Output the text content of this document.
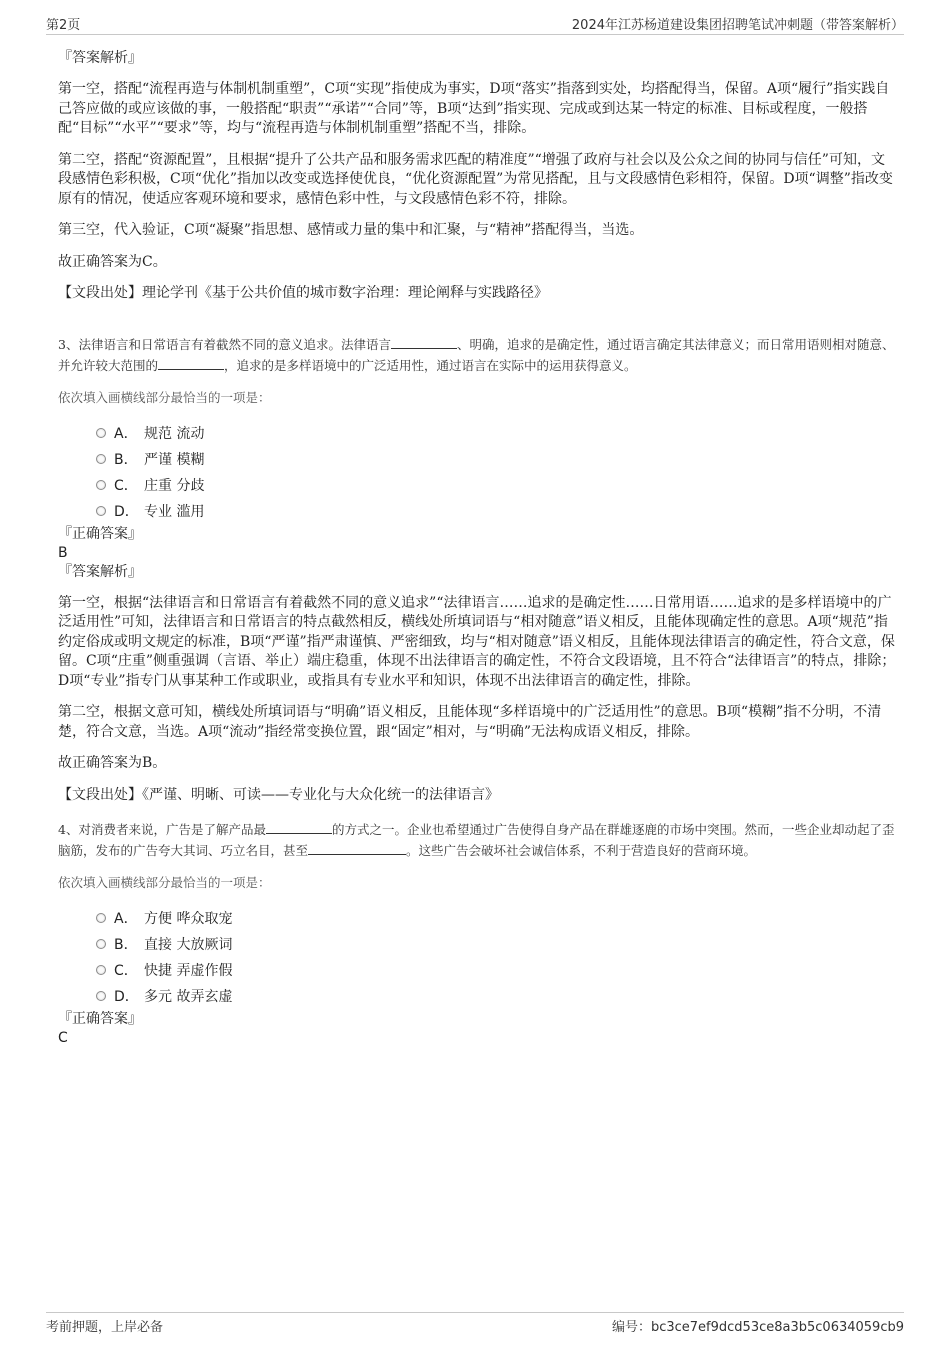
第2页	2024年江苏杨道建设集团招聘笔试冲刺题（带答案解析）

『答案解析』

第一空，搭配“流程再造与体制机制重塑”，C项“实现”指使成为事实，D项“落实”指落到实处，均搭配得当，保留。A项“履行”指实践自己答应做的或应该做的事，一般搭配“职责”“承诺”“合同”等，B项“达到”指实现、完成或到达某一特定的标准、目标或程度，一般搭配“目标”“水平”“要求”等，均与“流程再造与体制机制重塑”搭配不当，排除。

第二空，搭配“资源配置”，且根据“提升了公共产品和服务需求匹配的精准度”“增强了政府与社会以及公众之间的协同与信任”可知，文段感情色彩积极，C项“优化”指加以改变或选择使优良，“优化资源配置”为常见搭配，且与文段感情色彩相符，保留。D项“调整”指改变原有的情况，使适应客观环境和要求，感情色彩中性，与文段感情色彩不符，排除。

第三空，代入验证，C项“凝聚”指思想、感情或力量的集中和汇聚，与“精神”搭配得当，当选。

故正确答案为C。

【文段出处】理论学刊《基于公共价值的城市数字治理：理论阐释与实践路径》

3、法律语言和日常语言有着截然不同的意义追求。法律语言	、明确，追求的是确定性，通过语言确定其法律意义；而日常用语则相对随意、并允许较大范围的	，追求的是多样语境中的广泛适用性，通过语言在实际中的运用获得意义。

依次填入画横线部分最恰当的一项是：

A． 规范 流动
B． 严谨 模糊
C． 庄重 分歧
D． 专业 滥用

『正确答案』

B

『答案解析』

第一空，根据“法律语言和日常语言有着截然不同的意义追求”“法律语言……追求的是确定性……日常用语……追求的是多样语境中的广泛适用性”可知，法律语言和日常语言的特点截然相反，横线处所填词语与“相对随意”语义相反，且能体现确定性的意思。A项“规范”指约定俗成或明文规定的标准，B项“严谨”指严肃谨慎、严密细致，均与“相对随意”语义相反，且能体现法律语言的确定性，符合文意，保留。C项“庄重”侧重强调（言语、举止）端庄稳重，体现不出法律语言的确定性，不符合文段语境，且不符合“法律语言”的特点，排除；D项“专业”指专门从事某种工作或职业，或指具有专业水平和知识，体现不出法律语言的确定性，排除。

第二空，根据文意可知，横线处所填词语与“明确”语义相反，且能体现“多样语境中的广泛适用性”的意思。B项“模糊”指不分明，不清楚，符合文意，当选。A项“流动”指经常变换位置，跟“固定”相对，与“明确”无法构成语义相反，排除。

故正确答案为B。

【文段出处】《严谨、明晰、可读——专业化与大众化统一的法律语言》

4、对消费者来说，广告是了解产品最	的方式之一。企业也希望通过广告使得自身产品在群雄逐鹿的市场中突围。然而，一些企业却动起了歪脑筋，发布的广告夸大其词、巧立名目，甚至	。这些广告会破坏社会诚信体系，不利于营造良好的营商环境。

依次填入画横线部分最恰当的一项是：

A． 方便 哗众取宠
B． 直接 大放厥词
C． 快捷 弄虚作假
D． 多元 故弄玄虚

『正确答案』

C

考前押题，上岸必备	编号：bc3ce7ef9dcd53ce8a3b5c0634059cb9
